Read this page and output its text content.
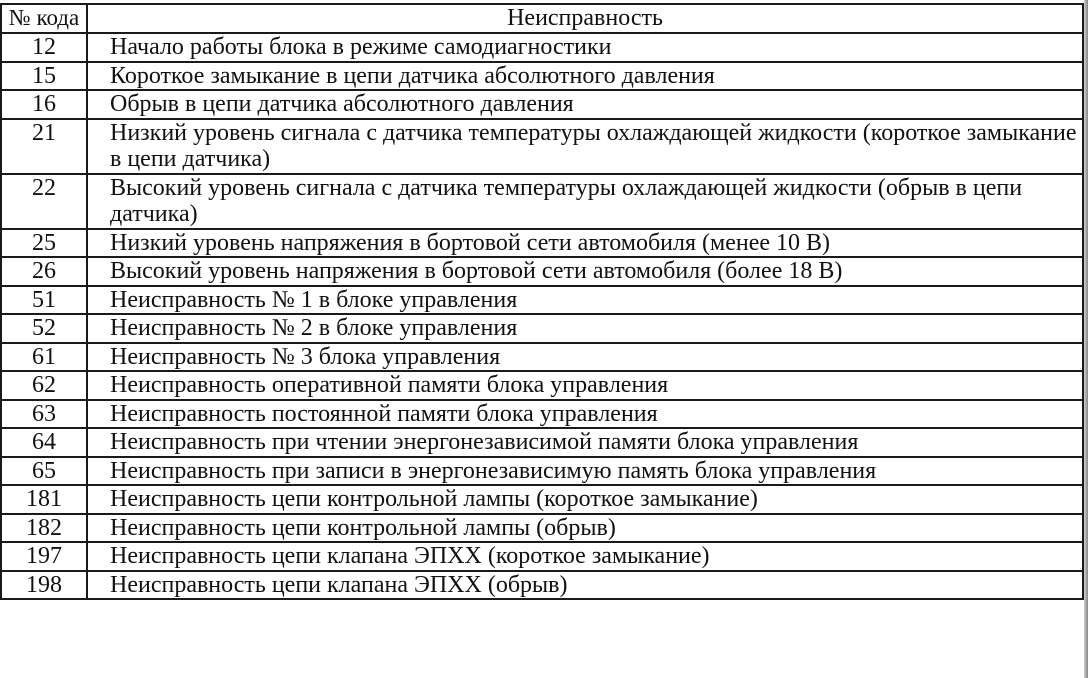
№ кода	Неисправность
12	Начало работы блока в режиме самодиагностики
15	Короткое замыкание в цепи датчика абсолютного давления
16	Обрыв в цепи датчика абсолютного давления
21	Низкий уровень сигнала с датчика температуры охлаждающей жидкости (короткое замыкание в цепи датчика)
22	Высокий уровень сигнала с датчика температуры охлаждающей жидкости (обрыв в цепи датчика)
25	Низкий уровень напряжения в бортовой сети автомобиля (менее 10 В)
26	Высокий уровень напряжения в бортовой сети автомобиля (более 18 В)
51	Неисправность № 1 в блоке управления
52	Неисправность № 2 в блоке управления
61	Неисправность № 3 блока управления
62	Неисправность оперативной памяти блока управления
63	Неисправность постоянной памяти блока управления
64	Неисправность при чтении энергонезависимой памяти блока управления
65	Неисправность при записи в энергонезависимую память блока управления
181	Неисправность цепи контрольной лампы (короткое замыкание)
182	Неисправность цепи контрольной лампы (обрыв)
197	Неисправность цепи клапана ЭПХХ (короткое замыкание)
198	Неисправность цепи клапана ЭПХХ (обрыв)
